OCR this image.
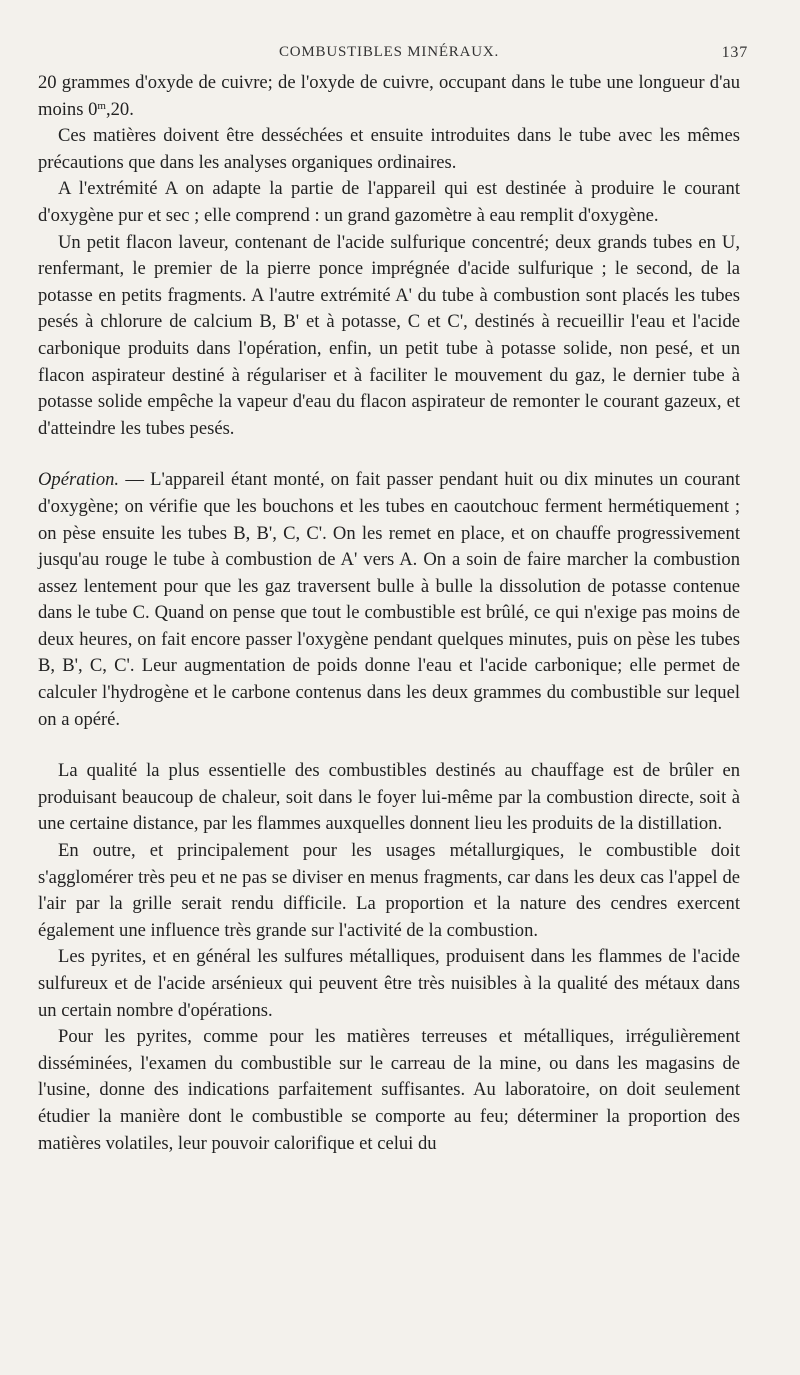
COMBUSTIBLES MINÉRAUX.	137

20 grammes d'oxyde de cuivre; de l'oxyde de cuivre, occupant dans le tube une longueur d'au moins 0$^m$,20.

Ces matières doivent être desséchées et ensuite introduites dans le tube avec les mêmes précautions que dans les analyses organiques ordinaires.

A l'extrémité A on adapte la partie de l'appareil qui est destinée à produire le courant d'oxygène pur et sec ; elle comprend : un grand gazomètre à eau remplit d'oxygène.

Un petit flacon laveur, contenant de l'acide sulfurique concentré; deux grands tubes en U, renfermant, le premier de la pierre ponce imprégnée d'acide sulfurique ; le second, de la potasse en petits fragments. A l'autre extrémité A' du tube à combustion sont placés les tubes pesés à chlorure de calcium B, B' et à potasse, C et C', destinés à recueillir l'eau et l'acide carbonique produits dans l'opération, enfin, un petit tube à potasse solide, non pesé, et un flacon aspirateur destiné à régulariser et à faciliter le mouvement du gaz, le dernier tube à potasse solide empêche la vapeur d'eau du flacon aspirateur de remonter le courant gazeux, et d'atteindre les tubes pesés.

Opération. — L'appareil étant monté, on fait passer pendant huit ou dix minutes un courant d'oxygène; on vérifie que les bouchons et les tubes en caoutchouc ferment hermétiquement ; on pèse ensuite les tubes B, B', C, C'. On les remet en place, et on chauffe progressivement jusqu'au rouge le tube à combustion de A' vers A. On a soin de faire marcher la combustion assez lentement pour que les gaz traversent bulle à bulle la dissolution de potasse contenue dans le tube C. Quand on pense que tout le combustible est brûlé, ce qui n'exige pas moins de deux heures, on fait encore passer l'oxygène pendant quelques minutes, puis on pèse les tubes B, B', C, C'. Leur augmentation de poids donne l'eau et l'acide carbonique; elle permet de calculer l'hydrogène et le carbone contenus dans les deux grammes du combustible sur lequel on a opéré.

La qualité la plus essentielle des combustibles destinés au chauffage est de brûler en produisant beaucoup de chaleur, soit dans le foyer lui-même par la combustion directe, soit à une certaine distance, par les flammes auxquelles donnent lieu les produits de la distillation.

En outre, et principalement pour les usages métallurgiques, le combustible doit s'agglomérer très peu et ne pas se diviser en menus fragments, car dans les deux cas l'appel de l'air par la grille serait rendu difficile. La proportion et la nature des cendres exercent également une influence très grande sur l'activité de la combustion.

Les pyrites, et en général les sulfures métalliques, produisent dans les flammes de l'acide sulfureux et de l'acide arsénieux qui peuvent être très nuisibles à la qualité des métaux dans un certain nombre d'opérations.

Pour les pyrites, comme pour les matières terreuses et métalliques, irrégulièrement disséminées, l'examen du combustible sur le carreau de la mine, ou dans les magasins de l'usine, donne des indications parfaitement suffisantes. Au laboratoire, on doit seulement étudier la manière dont le combustible se comporte au feu; déterminer la proportion des matières volatiles, leur pouvoir calorifique et celui du
